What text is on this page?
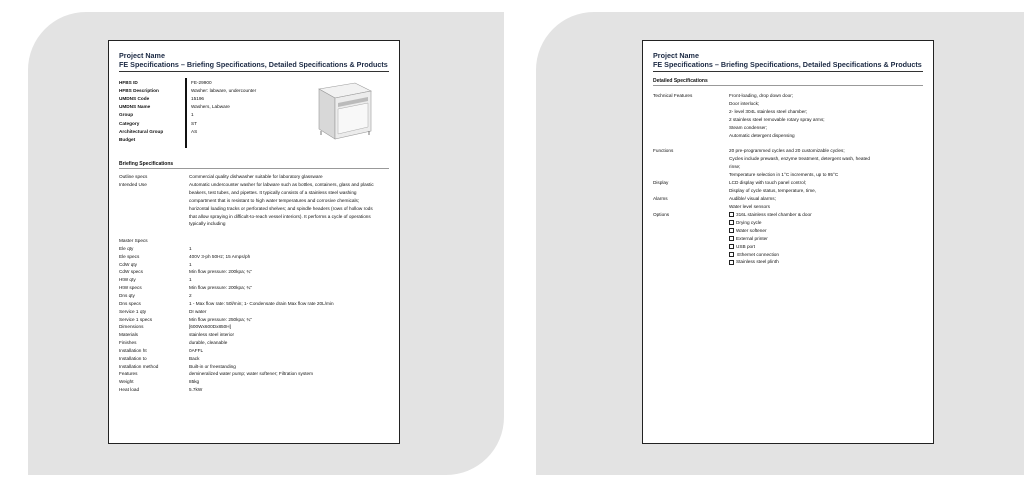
Project Name
FE Specifications – Briefing Specifications, Detailed Specifications & Products
HFBS ID	FE-29900
HFBS Description	Washer: labware, undercounter
UMDNS Code	15196
UMDNS Name	Washers, Labware
Group	1
Category	ST
Architectural Group	AS
Budget
Briefing Specifications
Outline specs	Commercial quality dishwasher suitable for laboratory glassware
Intended Use	Automatic undercounter washer for labware such as bottles, containers, glass and plastic beakers, test tubes, and pipettes. It typically consists of a stainless steel washing compartment that is resistant to high water temperatures and corrosive chemicals; horizontal loading tracks or perforated shelves; and spindle headers (rows of hollow rods that allow spraying in difficult-to-reach vessel interiors). It performs a cycle of operations typically including
Master Specs
Ele qty	1
Ele specs	400V 3-ph 50Hz; 15 Amps/ph
CdW qty	1
CdW specs	Min flow pressure: 200kpa; ¾"
HtW qty	1
HtW specs	Min flow pressure: 200kpa; ¾"
Dns qty	2
Dns specs	1 - Max flow rate: 50l/min; 1- Condensate drain Max flow rate 20L/min
Service 1 qty	DI water
Service 1 specs	Min flow pressure: 250kpa; ¾"
Dimensions	[600Wx600Dx850H]
Materials	stainless steel interior
Finishes	durable, cleanable
Installation ht	0AFFL
Installation to	Back
Installation method	Built-in or freestanding
Features	demineralized water pump; water softener; Filtration system
Weight	85kg
Heat load	5.7kW
Project Name
FE Specifications – Briefing Specifications, Detailed Specifications & Products
Detailed Specifications
Technical Features	Front-loading, drop down door;
Door interlock;
2- level 304L stainless steel chamber;
2 stainless steel removable rotary spray arms;
Steam condenser;
Automatic detergent dispensing
Functions	20 pre-programmed cycles and 20 customizable cycles;
Cycles include prewash, enzyme treatment, detergent wash, heated
rinse;
Temperature selection in 1°C increments, up to 95°C
Display	LCD display with touch panel control;
Display of cycle status, temperature, time,
Alarms	Audible/ visual alarms;
Water level sensors
Options	316L stainless steel chamber & door
Drying cycle
Water softener
External printer
USB port
Ethernet connection
Stainless steel plinth
